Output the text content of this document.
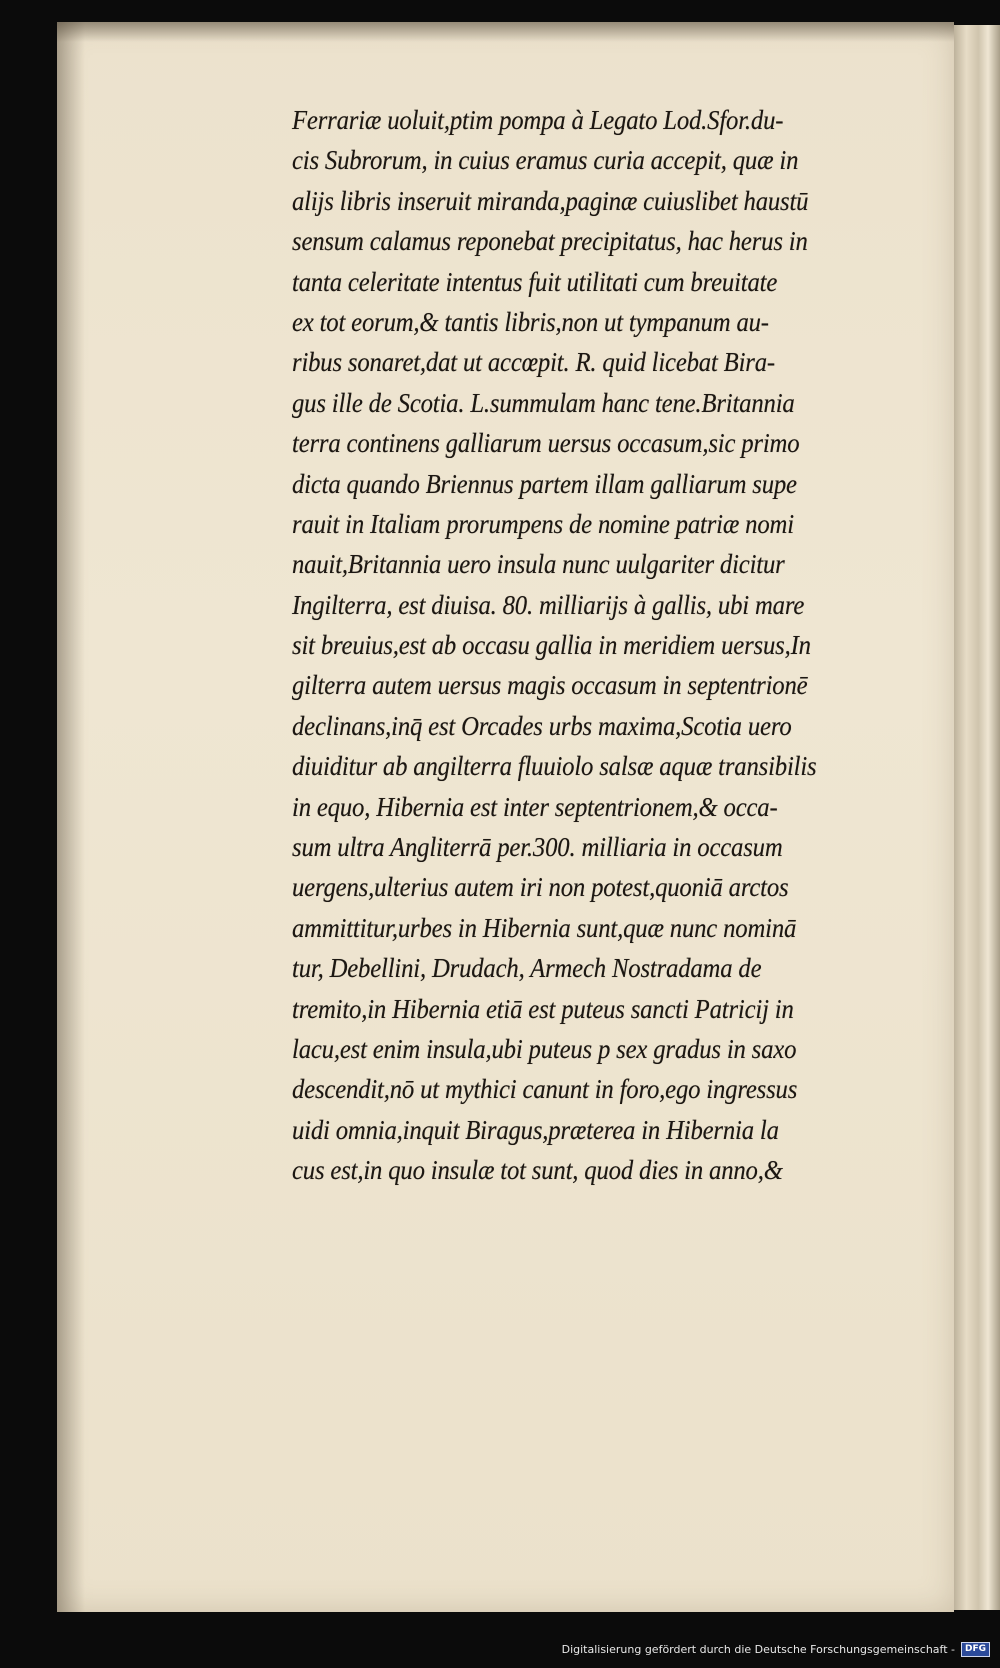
Ferrariæ uoluit,ptim pompa à Legato Lod.Sfor.du-
cis Subrorum, in cuius eramus curia accepit, quæ in
alijs libris inseruit miranda,paginæ cuiuslibet haustū
sensum calamus reponebat precipitatus, hac herus in
tanta celeritate intentus fuit utilitati cum breuitate
ex tot eorum,& tantis libris,non ut tympanum au-
ribus sonaret,dat ut accœpit. R. quid licebat Bira-
gus ille de Scotia. L.summulam hanc tene.Britannia
terra continens galliarum uersus occasum,sic primo
dicta quando Briennus partem illam galliarum supe
rauit in Italiam prorumpens de nomine patriæ nomi
nauit,Britannia uero insula nunc uulgariter dicitur
Ingilterra, est diuisa. 80. milliarijs à gallis, ubi mare
sit breuius,est ab occasu gallia in meridiem uersus,In
gilterra autem uersus magis occasum in septentrionē
declinans,inq̄ est Orcades urbs maxima,Scotia uero
diuiditur ab angilterra fluuiolo salsæ aquæ transibilis
in equo, Hibernia est inter septentrionem,& occa-
sum ultra Angliterrā per.300. milliaria in occasum
uergens,ulterius autem iri non potest,quoniā arctos
ammittitur,urbes in Hibernia sunt,quæ nunc nominā
tur, Debellini, Drudach, Armech Nostradama de
tremito,in Hibernia etiā est puteus sancti Patricij in
lacu,est enim insula,ubi puteus p sex gradus in saxo
descendit,nō ut mythici canunt in foro,ego ingressus
uidi omnia,inquit Biragus,præterea in Hibernia la
cus est,in quo insulæ tot sunt, quod dies in anno,&
Digitalisierung gefördert durch die Deutsche Forschungsgemeinschaft -	DFG
